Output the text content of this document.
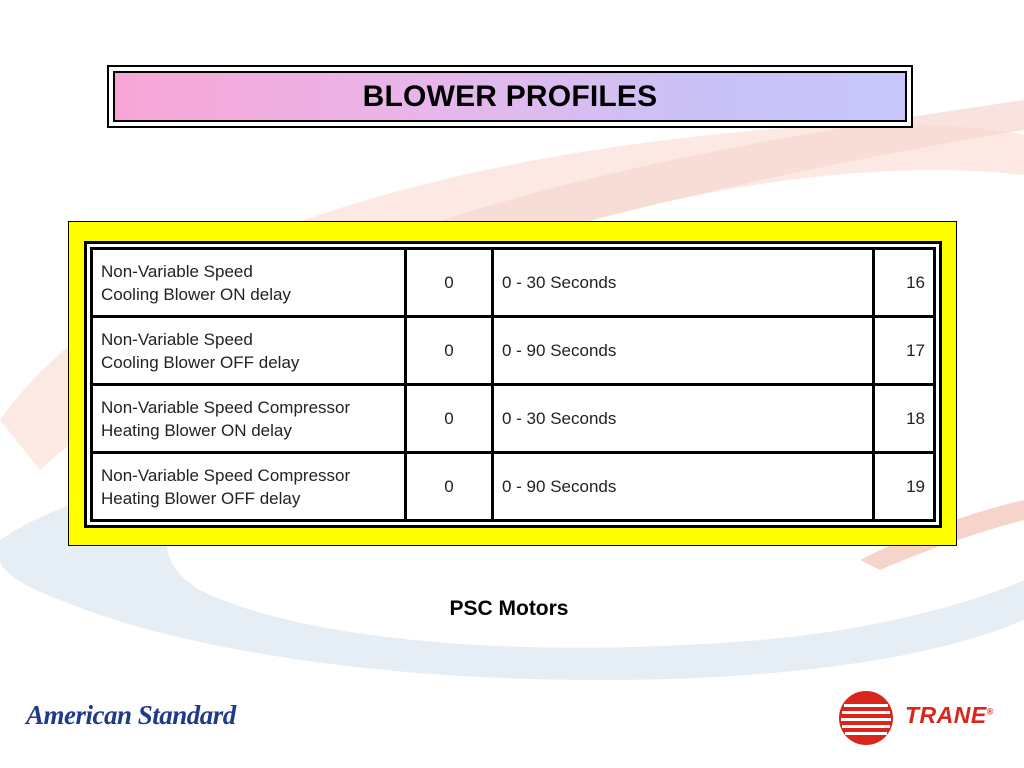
BLOWER PROFILES
Non-Variable Speed
Cooling Blower ON delay	0	0 - 30 Seconds	16

Non-Variable Speed
Cooling Blower OFF delay	0	0 - 90 Seconds	17

Non-Variable Speed Compressor
Heating Blower ON delay	0	0 - 30 Seconds	18

Non-Variable Speed Compressor
Heating Blower OFF delay	0	0 - 90 Seconds	19
PSC Motors
American Standard	TRANE®
